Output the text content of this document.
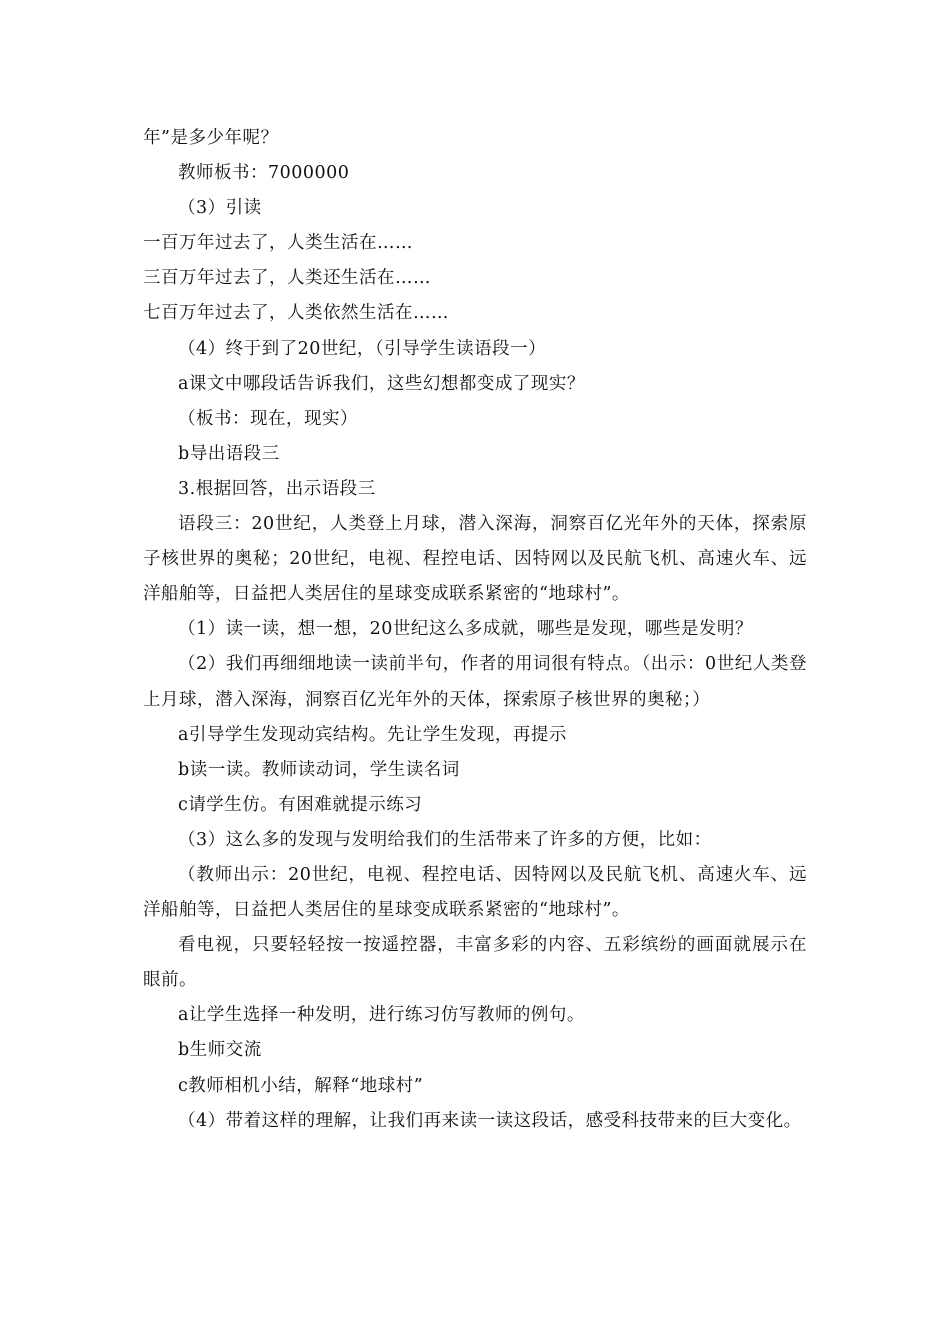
年”是多少年呢？

教师板书：7000000

（3）引读

一百万年过去了，人类生活在……

三百万年过去了，人类还生活在……

七百万年过去了，人类依然生活在……

（4）终于到了20世纪，（引导学生读语段一）

a课文中哪段话告诉我们，这些幻想都变成了现实？

（板书：现在，现实）

b导出语段三

3.根据回答，出示语段三

语段三：20世纪，人类登上月球，潜入深海，洞察百亿光年外的天体，探索原子核世界的奥秘；20世纪，电视、程控电话、因特网以及民航飞机、高速火车、远洋船舶等，日益把人类居住的星球变成联系紧密的“地球村”。

（1）读一读，想一想，20世纪这么多成就，哪些是发现，哪些是发明？

（2）我们再细细地读一读前半句，作者的用词很有特点。（出示：0世纪人类登上月球，潜入深海，洞察百亿光年外的天体，探索原子核世界的奥秘；）

a引导学生发现动宾结构。先让学生发现，再提示

b读一读。教师读动词，学生读名词

c请学生仿。有困难就提示练习

（3）这么多的发现与发明给我们的生活带来了许多的方便，比如：

（教师出示：20世纪，电视、程控电话、因特网以及民航飞机、高速火车、远洋船舶等，日益把人类居住的星球变成联系紧密的“地球村”。

看电视，只要轻轻按一按遥控器，丰富多彩的内容、五彩缤纷的画面就展示在眼前。

a让学生选择一种发明，进行练习仿写教师的例句。

b生师交流

c教师相机小结，解释“地球村”

（4）带着这样的理解，让我们再来读一读这段话，感受科技带来的巨大变化。
